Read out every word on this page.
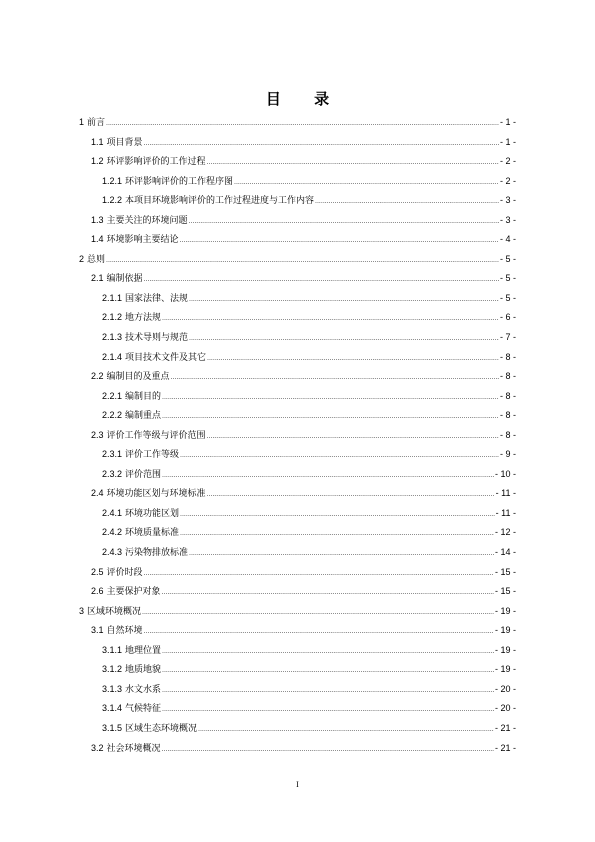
目 录
1 前言 .....	- 1 -
1.1 项目背景 .....	- 1 -
1.2 环评影响评价的工作过程 .....	- 2 -
1.2.1 环评影响评价的工作程序图 .....	- 2 -
1.2.2 本项目环境影响评价的工作过程进度与工作内容 .....	- 3 -
1.3 主要关注的环境问题 .....	- 3 -
1.4 环境影响主要结论 .....	- 4 -
2 总则 .....	- 5 -
2.1 编制依据 .....	- 5 -
2.1.1 国家法律、法规 .....	- 5 -
2.1.2 地方法规 .....	- 6 -
2.1.3 技术导则与规范 .....	- 7 -
2.1.4 项目技术文件及其它 .....	- 8 -
2.2 编制目的及重点 .....	- 8 -
2.2.1 编制目的 .....	- 8 -
2.2.2 编制重点 .....	- 8 -
2.3 评价工作等级与评价范围 .....	- 8 -
2.3.1 评价工作等级 .....	- 9 -
2.3.2 评价范围 .....	- 10 -
2.4 环境功能区划与环境标准 .....	- 11 -
2.4.1 环境功能区划 .....	- 11 -
2.4.2 环境质量标准 .....	- 12 -
2.4.3 污染物排放标准 .....	- 14 -
2.5 评价时段 .....	- 15 -
2.6 主要保护对象 .....	- 15 -
3 区域环境概况 .....	- 19 -
3.1 自然环境 .....	- 19 -
3.1.1 地理位置 .....	- 19 -
3.1.2 地质地貌 .....	- 19 -
3.1.3 水文水系 .....	- 20 -
3.1.4 气候特征 .....	- 20 -
3.1.5 区域生态环境概况 .....	- 21 -
3.2 社会环境概况 .....	- 21 -
I
